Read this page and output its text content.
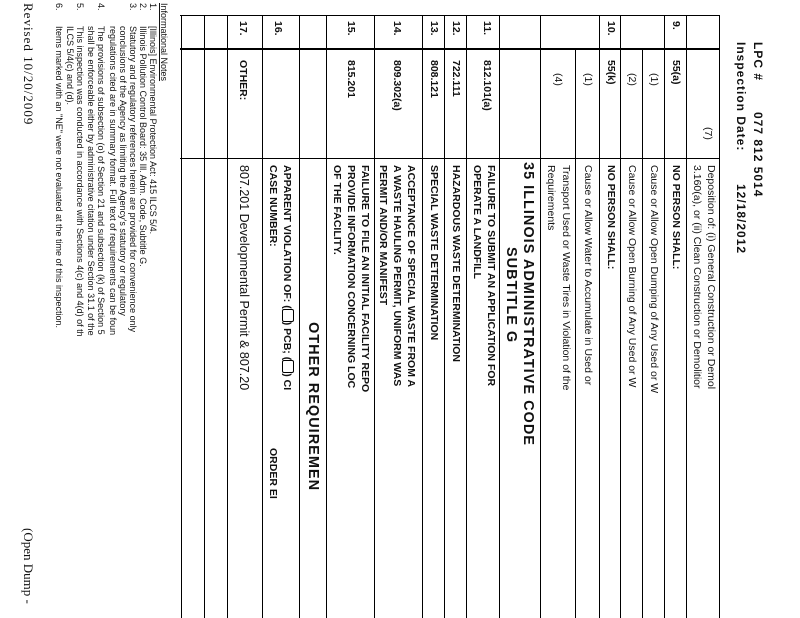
LPC #
077 812 5014
Inspection Date:
12/18/2012
(7)
Deposition of: (i) General Construction or Demol
3.160(a), or (ii) Clean Construction or Demolitior
9.
55(a)
NO PERSON SHALL:
(1)
Cause or Allow Open Dumping of Any Used or W
(2)
Cause or Allow Open Burning of Any Used or W
10.
55(k)
NO PERSON SHALL:
(1)
Cause or Allow Water to Accumulate in Used or
(4)
Transport Used or Waste Tires in Violation of the
Requirements
35 ILLINOIS ADMINISTRATIVE CODE
SUBTITLE G
11.
812.101(a)
FAILURE TO SUBMIT AN APPLICATION FOR
OPERATE A LANDFILL
12.
722.111
HAZARDOUS WASTE DETERMINATION
13.
808.121
SPECIAL WASTE DETERMINATION
14.
809.302(a)
ACCEPTANCE OF SPECIAL WASTE FROM A
A WASTE HAULING PERMIT, UNIFORM WAS
PERMIT AND/OR MANIFEST
15.
815.201
FAILURE TO FILE AN INITIAL FACILITY REPO
PROVIDE INFORMATION CONCERNING LOC
OF THE FACILITY.
OTHER REQUIREMEN
16.
APPARENT VIOLATION OF: () PCB; () CI
CASE NUMBER:
ORDER EI
17.
OTHER:
807.201 Developmental Permit & 807.20
Informational Notes
1.
[Illinois] Environmental Protection Act: 415 ILCS 5/4.
2.
Illinois Pollution Control Board: 35 Ill. Adm. Code, Subtitle G.
3.
Statutory and regulatory references herein are provided for convenience only
conclusions of the Agency as limiting the Agency's statutory or regulatory
regulations cited are in summary format. Full text of requirements can be foun
4.
The provisions of subsection (o) of Section 21 and subsection (k) of Section 5
shall be enforceable either by administrative citation under Section 31.1 of the
5.
This inspection was conducted in accordance with Sections 4(c) and 4(d) of th
ILCS 5/4(c) and (d).
6.
Items marked with an "NE" were not evaluated at the time of this inspection.
Revised 10/20/2009
(Open Dump -
